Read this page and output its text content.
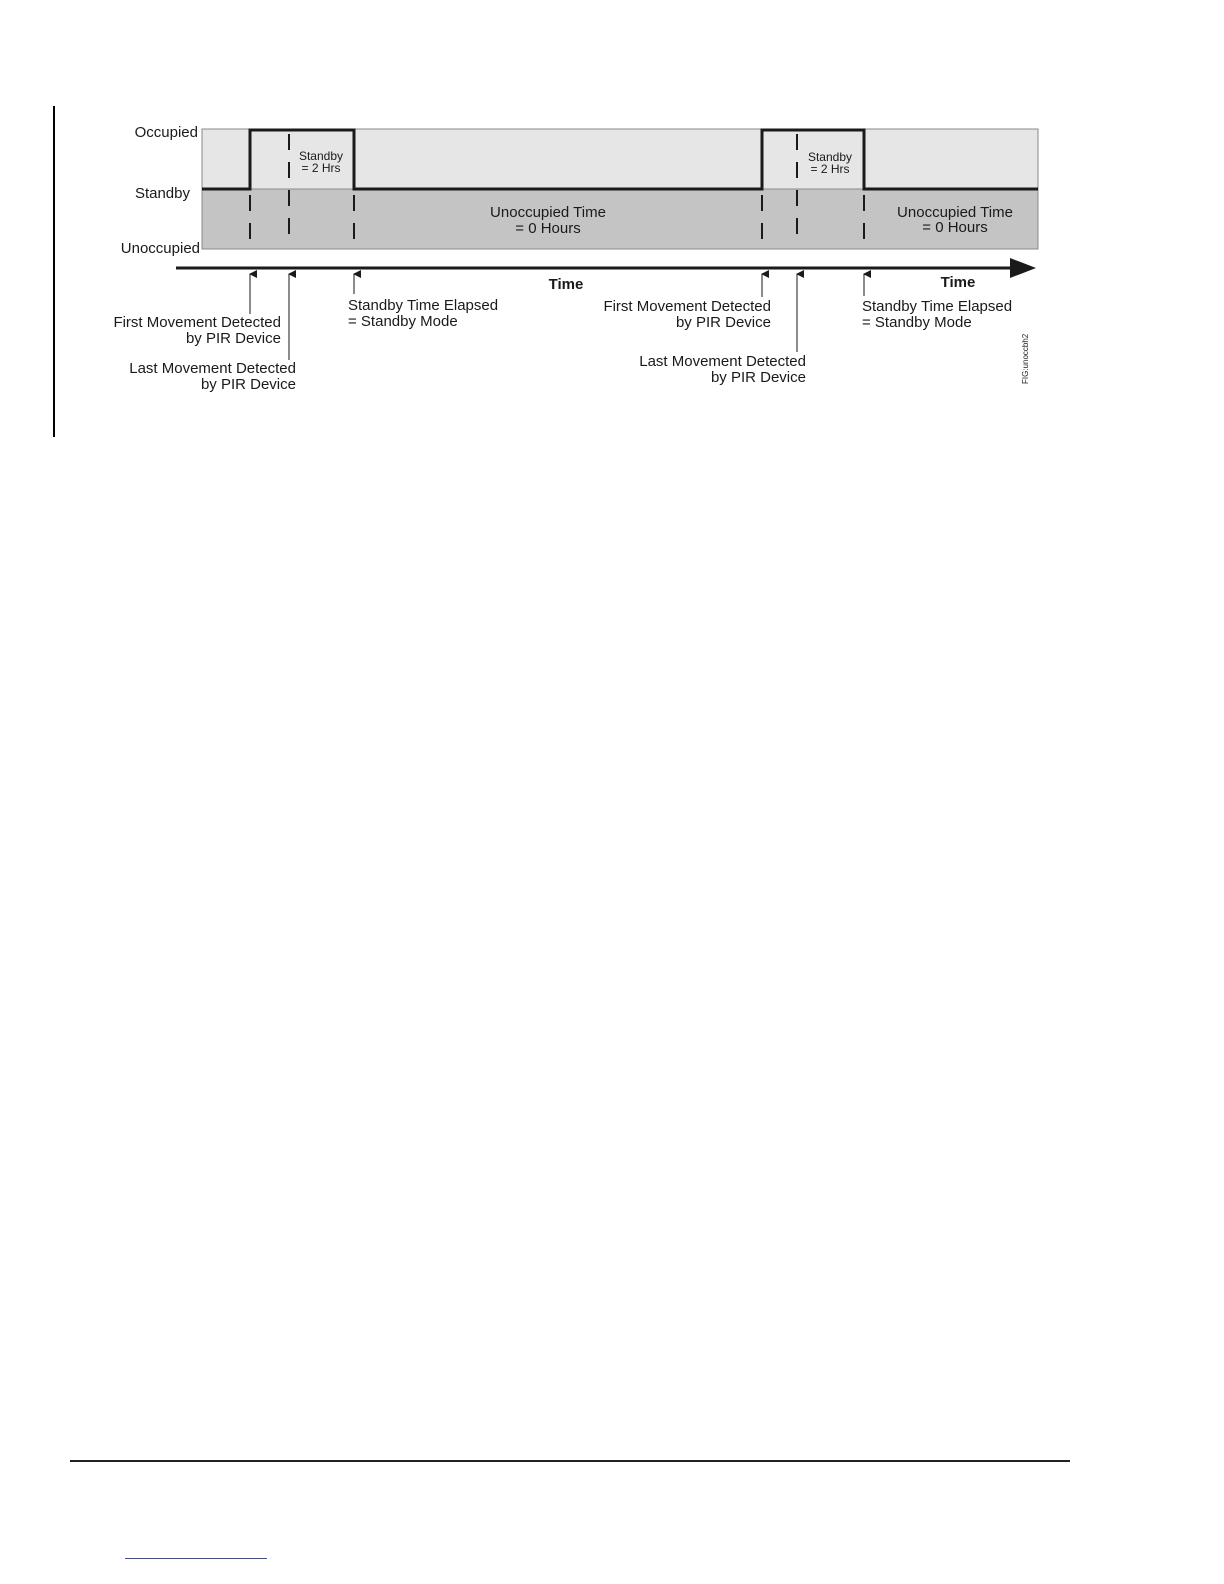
Occupied
Standby
Unoccupied
Standby
= 2 Hrs
Standby
= 2 Hrs
Unoccupied Time
= 0 Hours
Unoccupied Time
= 0 Hours
Time	Time
First Movement Detected
by PIR Device
Last Movement Detected
by PIR Device
Standby Time Elapsed
= Standby Mode
First Movement Detected
by PIR Device
Last Movement Detected
by PIR Device
Standby Time Elapsed
= Standby Mode
FIG:unoccbh2
